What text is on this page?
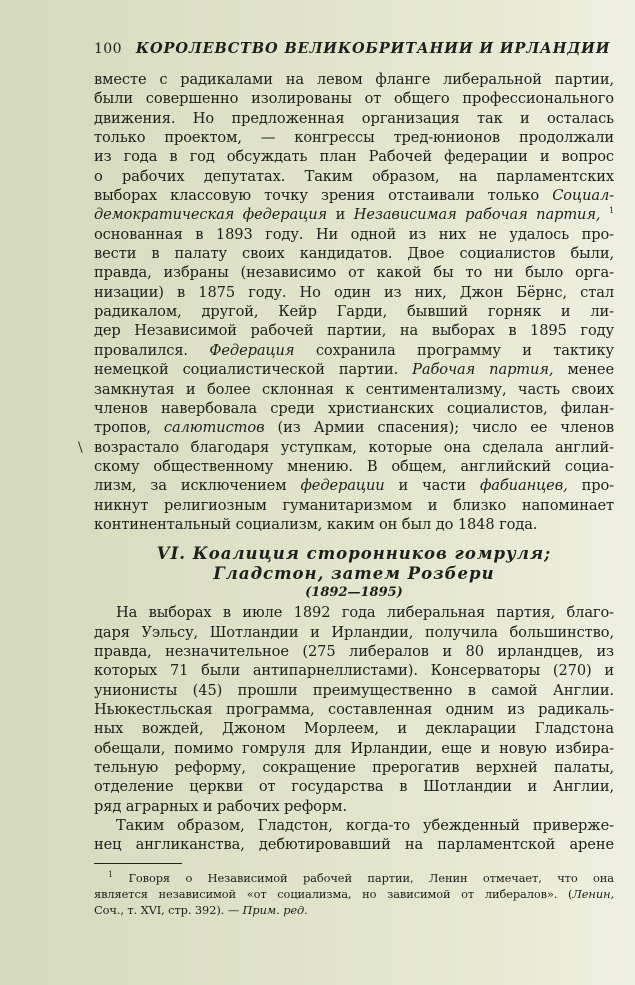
100 КОРОЛЕВСТВО ВЕЛИКОБРИТАНИИ И ИРЛАНДИИ
вместе с радикалами на левом фланге либеральной партии,
были совершенно изолированы от общего профессионального
движения. Но предложенная организация так и осталась
только проектом, — конгрессы тред-юнионов продолжали
из года в год обсуждать план Рабочей федерации и вопрос
о рабочих депутатах. Таким образом, на парламентских
выборах классовую точку зрения отстаивали только Социал-
демократическая федерация и Независимая рабочая партия, $^1$
основанная в 1893 году. Ни одной из них не удалось про-
вести в палату своих кандидатов. Двое социалистов были,
правда, избраны (независимо от какой бы то ни было орга-
низации) в 1875 году. Но один из них, Джон Бёрнс, стал
радикалом, другой, Кейр Гарди, бывший горняк и ли-
дер Независимой рабочей партии, на выборах в 1895 году
провалился. Федерация сохранила программу и тактику
немецкой социалистической партии. Рабочая партия, менее
замкнутая и более склонная к сентиментализму, часть своих
членов навербовала среди христианских социалистов, филан-
тропов, салютистов (из Армии спасения); число ее членов
возрастало благодаря уступкам, которые она сделала англий-
скому общественному мнению. В общем, английский социа-
лизм, за исключением федерации и части фабианцев, про-
никнут религиозным гуманитаризмом и близко напоминает
континентальный социализм, каким он был до 1848 года.
VI. Коалиция сторонников гомруля;
Гладстон, затем Розбери
(1892—1895)
На выборах в июле 1892 года либеральная партия, благо-
даря Уэльсу, Шотландии и Ирландии, получила большинство,
правда, незначительное (275 либералов и 80 ирландцев, из
которых 71 были антипарнеллистами). Консерваторы (270) и
унионисты (45) прошли преимущественно в самой Англии.
Ньюкестльская программа, составленная одним из радикаль-
ных вождей, Джоном Морлеем, и декларации Гладстона
обещали, помимо гомруля для Ирландии, еще и новую избира-
тельную реформу, сокращение прерогатив верхней палаты,
отделение церкви от государства в Шотландии и Англии,
ряд аграрных и рабочих реформ.
Таким образом, Гладстон, когда-то убежденный приверже-
нец англиканства, дебютировавший на парламентской арене
$^1$ Говоря о Независимой рабочей партии, Ленин отмечает, что она
является независимой «от социализма, но зависимой от либералов». (Ленин,
Соч., т. XVI, стр. 392). — Прим. ред.
\
